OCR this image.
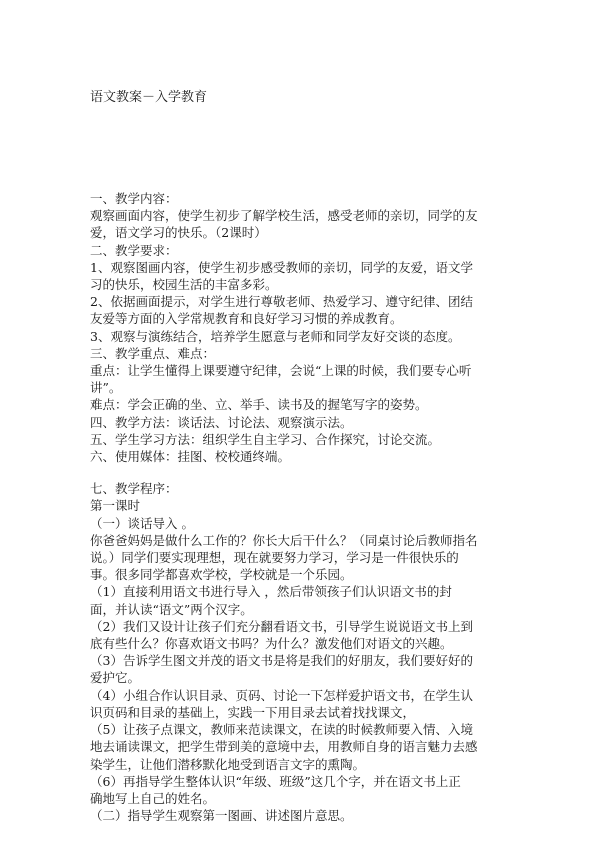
语文教案－入学教育
一、教学内容：
观察画面内容，使学生初步了解学校生活，感受老师的亲切，同学的友
爱，语文学习的快乐。（2课时）
二、教学要求：
1、观察图画内容，使学生初步感受教师的亲切，同学的友爱，语文学
习的快乐，校园生活的丰富多彩。
2、依据画面提示，对学生进行尊敬老师、热爱学习、遵守纪律、团结
友爱等方面的入学常规教育和良好学习习惯的养成教育。
3、观察与演练结合，培养学生愿意与老师和同学友好交谈的态度。
三、教学重点、难点：
重点：让学生懂得上课要遵守纪律，会说“上课的时候，我们要专心听
讲”。
难点：学会正确的坐、立、举手、读书及的握笔写字的姿势。
四、教学方法：谈话法、讨论法、观察演示法。
五、学生学习方法：组织学生自主学习、合作探究，讨论交流。
六、使用媒体：挂图、校校通终端。
七、教学程序：
第一课时
（一）谈话导入 。
你爸爸妈妈是做什么工作的？你长大后干什么？（同桌讨论后教师指名
说。）同学们要实现理想，现在就要努力学习，学习是一件很快乐的
事。很多同学都喜欢学校，学校就是一个乐园。
（1）直接利用语文书进行导入 ，然后带领孩子们认识语文书的封
面，并认读“语文”两个汉字。
（2）我们又设计让孩子们充分翻看语文书，引导学生说说语文书上到
底有些什么？你喜欢语文书吗？为什么？激发他们对语文的兴趣。
（3）告诉学生图文并茂的语文书是将是我们的好朋友，我们要好好的
爱护它。
（4）小组合作认识目录、页码、讨论一下怎样爱护语文书，在学生认
识页码和目录的基础上，实践一下用目录去试着找找课文，
（5）让孩子点课文，教师来范读课文，在读的时候教师要入情、入境
地去诵读课文，把学生带到美的意境中去，用教师自身的语言魅力去感
染学生，让他们潜移默化地受到语言文字的熏陶。
（6）再指导学生整体认识“年级、班级”这几个字，并在语文书上正
确地写上自己的姓名。
（二）指导学生观察第一图画、讲述图片意思。
